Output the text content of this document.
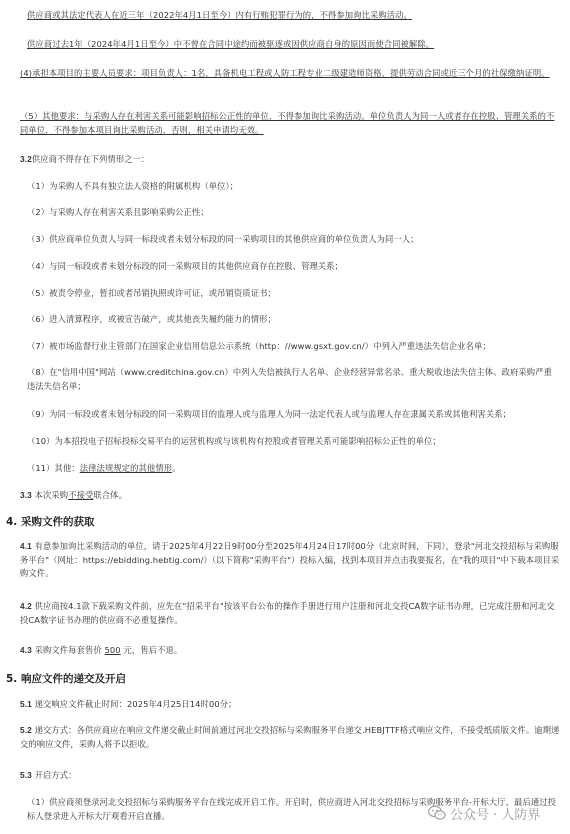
供应商或其法定代表人在近三年（2022年4月1日至今）内有行贿犯罪行为的，不得参加询比采购活动。
供应商过去1年（2024年4月1日至今）中不曾在合同中途约而被驱逐或因供应商自身的原因而使合同被解除。
(4)承担本项目的主要人员要求：项目负责人：1名，具备机电工程或人防工程专业二级建造师资格，提供劳动合同或近三个月的社保缴纳证明。
（5）其他要求：与采购人存在利害关系可能影响招标公正性的单位，不得参加询比采购活动。单位负责人为同一人或者存在控股、管理关系的不同单位，不得参加本项目询比采购活动，否则，相关申请均无效。
3.2供应商不得存在下列情形之一：
（1）为采购人不具有独立法人资格的附属机构（单位）；
（2）与采购人存在利害关系且影响采购公正性；
（3）供应商单位负责人与同一标段或者未划分标段的同一采购项目的其他供应商的单位负责人为同一人；
（4）与同一标段或者未划分标段的同一采购项目的其他供应商存在控股、管理关系；
（5）被责令停业，暂扣或者吊销执照或许可证，或吊销资质证书；
（6）进入清算程序，或被宣告破产，或其他丧失履约能力的情形；
（7）被市场监督行业主管部门在国家企业信用信息公示系统（http：//www.gsxt.gov.cn/）中列入严重违法失信企业名单；
（8）在"信用中国"网站（www.creditchina.gov.cn）中列入失信被执行人名单、企业经营异常名录、重大税收违法失信主体、政府采购严重违法失信名单；
（9）为同一标段或者未划分标段的同一采购项目的监理人或与监理人为同一法定代表人或与监理人存在隶属关系或其他利害关系；
（10）为本招投电子招标投标交易平台的运营机构或与该机构有控股或者管理关系可能影响招标公正性的单位；
（11）其他：法律法规规定的其他情形。
3.3 本次采购不接受联合体。
4. 采购文件的获取
4.1 有意参加询比采购活动的单位，请于2025年4月22日9时00分至2025年4月24日17时00分（北京时间，下同），登录"河北交投招标与采购服务平台"（网址：https://ebidding.hebtig.com/）（以下简称"采购平台"）投标入编，找到本项目并点击我要报名，在"我的项目"中下载本项目采购文件。
4.2 供应商按4.1款下载采购文件前，应先在"招采平台"按该平台公布的操作手册进行用户注册和河北交投CA数字证书办理，已完成注册和河北交投CA数字证书办理的供应商不必重复操作。
4.3 采购文件每套售价 500 元，售后不退。
5. 响应文件的递交及开启
5.1 递交响应文件截止时间：2025年4月25日14时00分；
5.2 递交方式：各供应商应在响应文件递交截止时间前通过河北交投招标与采购服务平台递交.HEBJTTF格式响应文件，不接受纸质版文件。逾期递交的响应文件，采购人将予以拒收。
5.3 开启方式：
（1）供应商须登录河北交投招标与采购服务平台在线完成开启工作。开启时，供应商进入河北交投招标与采购服务平台-开标大厅，最后通过投标人登录进入开标大厅观看开启直播。	公众号 · 人防界
